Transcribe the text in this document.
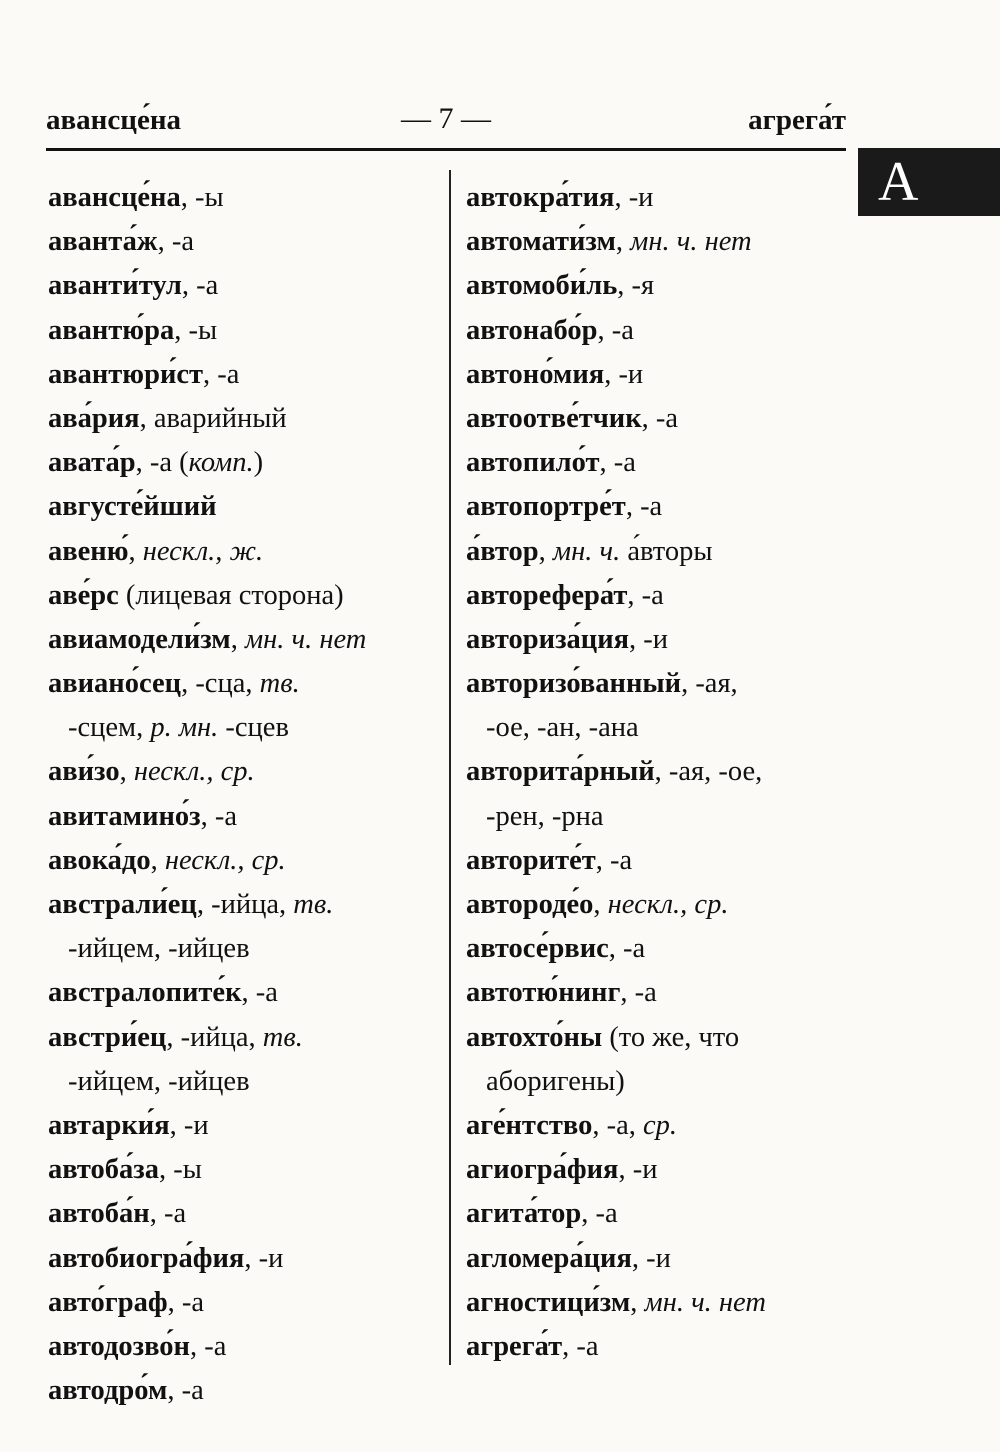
авансце́на	— 7 —	агрега́т
А
авансце́на, -ы
аванта́ж, -а
аванти́тул, -а
авантю́ра, -ы
авантюри́ст, -а
ава́рия, аварийный
авата́р, -а (комп.)
августе́йший
авеню́, нескл., ж.
аве́рс (лицевая сторона)
авиамодели́зм, мн. ч. нет
авиано́сец, -сца, тв.
-сцем, р. мн. -сцев
ави́зо, нескл., ср.
авитамино́з, -а
авока́до, нескл., ср.
австрали́ец, -ийца, тв.
-ийцем, -ийцев
австралопите́к, -а
австри́ец, -ийца, тв.
-ийцем, -ийцев
автарки́я, -и
автоба́за, -ы
автоба́н, -а
автобиогра́фия, -и
авто́граф, -а
автодозво́н, -а
автодро́м, -а
автокра́тия, -и
автомати́зм, мн. ч. нет
автомоби́ль, -я
автонабо́р, -а
автоно́мия, -и
автоотве́тчик, -а
автопило́т, -а
автопортре́т, -а
а́втор, мн. ч. а́вторы
авторефера́т, -а
авториза́ция, -и
авторизо́ванный, -ая,
-ое, -ан, -ана
авторита́рный, -ая, -ое,
-рен, -рна
авторите́т, -а
автороде́о, нескл., ср.
автосе́рвис, -а
автотю́нинг, -а
автохто́ны (то же, что
аборигены)
аге́нтство, -а, ср.
агиогра́фия, -и
агита́тор, -а
агломера́ция, -и
агностици́зм, мн. ч. нет
агрега́т, -а
